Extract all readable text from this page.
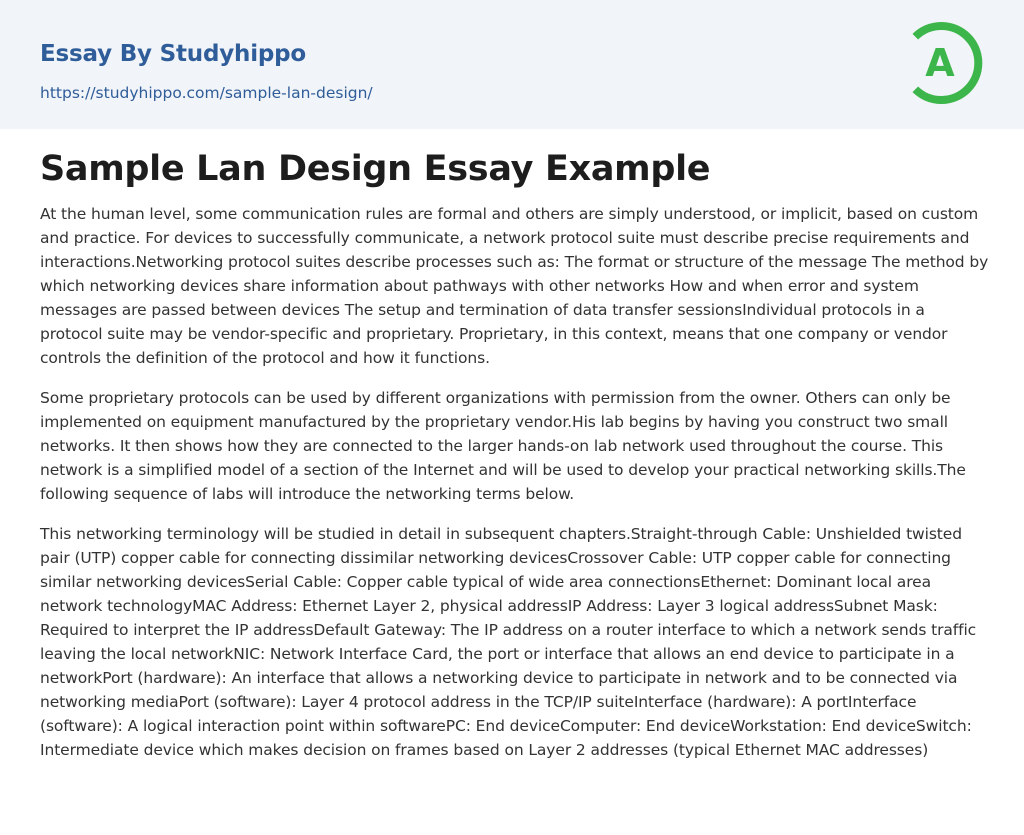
Essay By Studyhippo
https://studyhippo.com/sample-lan-design/
A
Sample Lan Design Essay Example

At the human level, some communication rules are formal and others are simply understood, or implicit, based on custom and practice. For devices to successfully communicate, a network protocol suite must describe precise requirements and interactions.Networking protocol suites describe processes such as: The format or structure of the message The method by which networking devices share information about pathways with other networks How and when error and system messages are passed between devices The setup and termination of data transfer sessionsIndividual protocols in a protocol suite may be vendor-specific and proprietary. Proprietary, in this context, means that one company or vendor controls the definition of the protocol and how it functions.

Some proprietary protocols can be used by different organizations with permission from the owner. Others can only be implemented on equipment manufactured by the proprietary vendor.His lab begins by having you construct two small networks. It then shows how they are connected to the larger hands-on lab network used throughout the course. This network is a simplified model of a section of the Internet and will be used to develop your practical networking skills.The following sequence of labs will introduce the networking terms below.

This networking terminology will be studied in detail in subsequent chapters.Straight-through Cable: Unshielded twisted pair (UTP) copper cable for connecting dissimilar networking devicesCrossover Cable: UTP copper cable for connecting similar networking devicesSerial Cable: Copper cable typical of wide area connectionsEthernet: Dominant local area network technologyMAC Address: Ethernet Layer 2, physical addressIP Address: Layer 3 logical addressSubnet Mask: Required to interpret the IP addressDefault Gateway: The IP address on a router interface to which a network sends traffic leaving the local networkNIC: Network Interface Card, the port or interface that allows an end device to participate in a networkPort (hardware): An interface that allows a networking device to participate in network and to be connected via networking mediaPort (software): Layer 4 protocol address in the TCP/IP suiteInterface (hardware): A portInterface (software): A logical interaction point within softwarePC: End deviceComputer: End deviceWorkstation: End deviceSwitch: Intermediate device which makes decision on frames based on Layer 2 addresses (typical Ethernet MAC addresses)
